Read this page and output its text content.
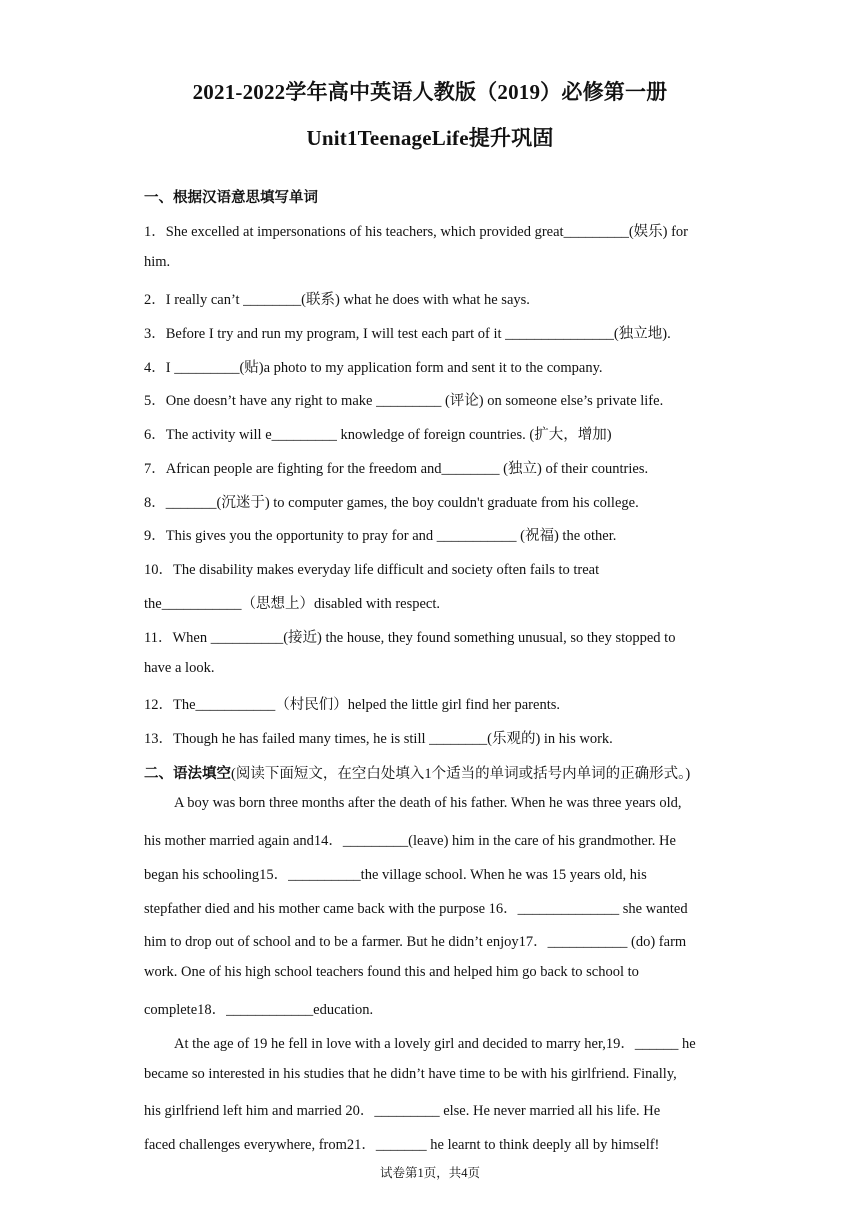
2021-2022学年高中英语人教版（2019）必修第一册
Unit1TeenageLife提升巩固
一、根据汉语意思填写单词
1．She excelled at impersonations of his teachers, which provided great_________(娱乐) for
him.
2．I really can’t ________(联系) what he does with what he says.
3．Before I try and run my program, I will test each part of it _______________(独立地).
4．I _________(贴)a photo to my application form and sent it to the company.
5．One doesn’t have any right to make _________ (评论) on someone else’s private life.
6．The activity will e_________ knowledge of foreign countries. (扩大，增加)
7．African people are fighting for the freedom and________ (独立) of their countries.
8．_______(沉迷于) to computer games, the boy couldn't graduate from his college.
9．This gives you the opportunity to pray for and ___________ (祝福) the other.
10．The disability makes everyday life difficult and society often fails to treat
the___________（思想上）disabled with respect.
11．When __________(接近) the house, they found something unusual, so they stopped to
have a look.
12．The___________（村民们）helped the little girl find her parents.
13．Though he has failed many times, he is still ________(乐观的) in his work.
二、语法填空(阅读下面短文，在空白处填入1个适当的单词或括号内单词的正确形式。)
A boy was born three months after the death of his father. When he was three years old,
his mother married again and14．_________(leave) him in the care of his grandmother. He
began his schooling15．__________the village school. When he was 15 years old, his
stepfather died and his mother came back with the purpose 16．______________ she wanted
him to drop out of school and to be a farmer. But he didn’t enjoy17．___________ (do) farm
work. One of his high school teachers found this and helped him go back to school to
complete18．____________education.
At the age of 19 he fell in love with a lovely girl and decided to marry her,19．______ he
became so interested in his studies that he didn’t have time to be with his girlfriend. Finally,
his girlfriend left him and married 20．_________ else. He never married all his life. He
faced challenges everywhere, from21．_______ he learnt to think deeply all by himself!
试卷第1页，共4页
